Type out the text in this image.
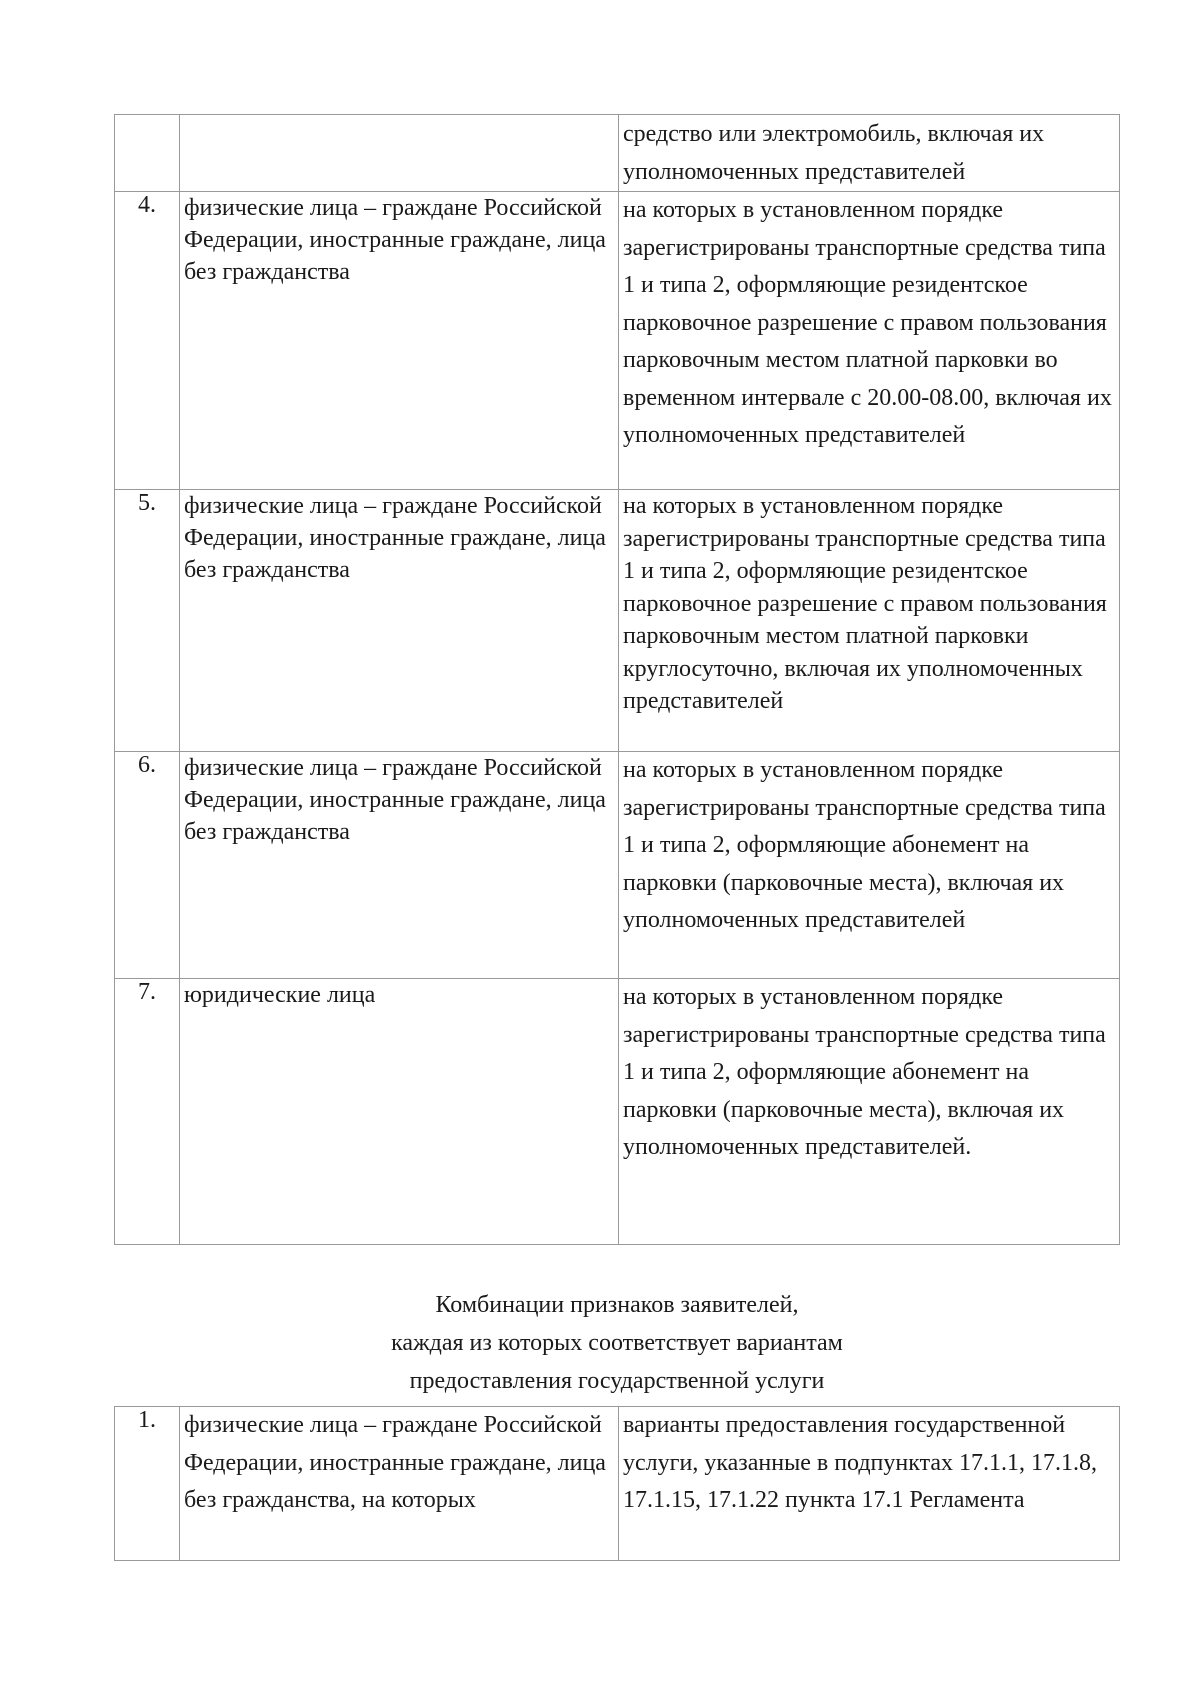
		средство или электромобиль, включая их уполномоченных представителей
4.	физические лица – граждане Российской Федерации, иностранные граждане, лица без гражданства	на которых в установленном порядке зарегистрированы транспортные средства типа 1 и типа 2, оформляющие резидентское парковочное разрешение с правом пользования парковочным местом платной парковки во временном интервале с 20.00-08.00, включая их уполномоченных представителей
5.	физические лица – граждане Российской Федерации, иностранные граждане, лица без гражданства	на которых в установленном порядке зарегистрированы транспортные средства типа 1 и типа 2, оформляющие резидентское парковочное разрешение с правом пользования парковочным местом платной парковки круглосуточно, включая их уполномоченных представителей
6.	физические лица – граждане Российской Федерации, иностранные граждане, лица без гражданства	на которых в установленном порядке зарегистрированы транспортные средства типа 1 и типа 2, оформляющие абонемент на парковки (парковочные места), включая их уполномоченных представителей
7.	юридические лица	на которых в установленном порядке зарегистрированы транспортные средства типа 1 и типа 2, оформляющие абонемент на парковки (парковочные места), включая их уполномоченных представителей.
Комбинации признаков заявителей,
каждая из которых соответствует вариантам
предоставления государственной услуги
1.	физические лица – граждане Российской Федерации, иностранные граждане, лица без гражданства, на которых	варианты предоставления государственной услуги, указанные в подпунктах 17.1.1, 17.1.8, 17.1.15, 17.1.22 пункта 17.1 Регламента
